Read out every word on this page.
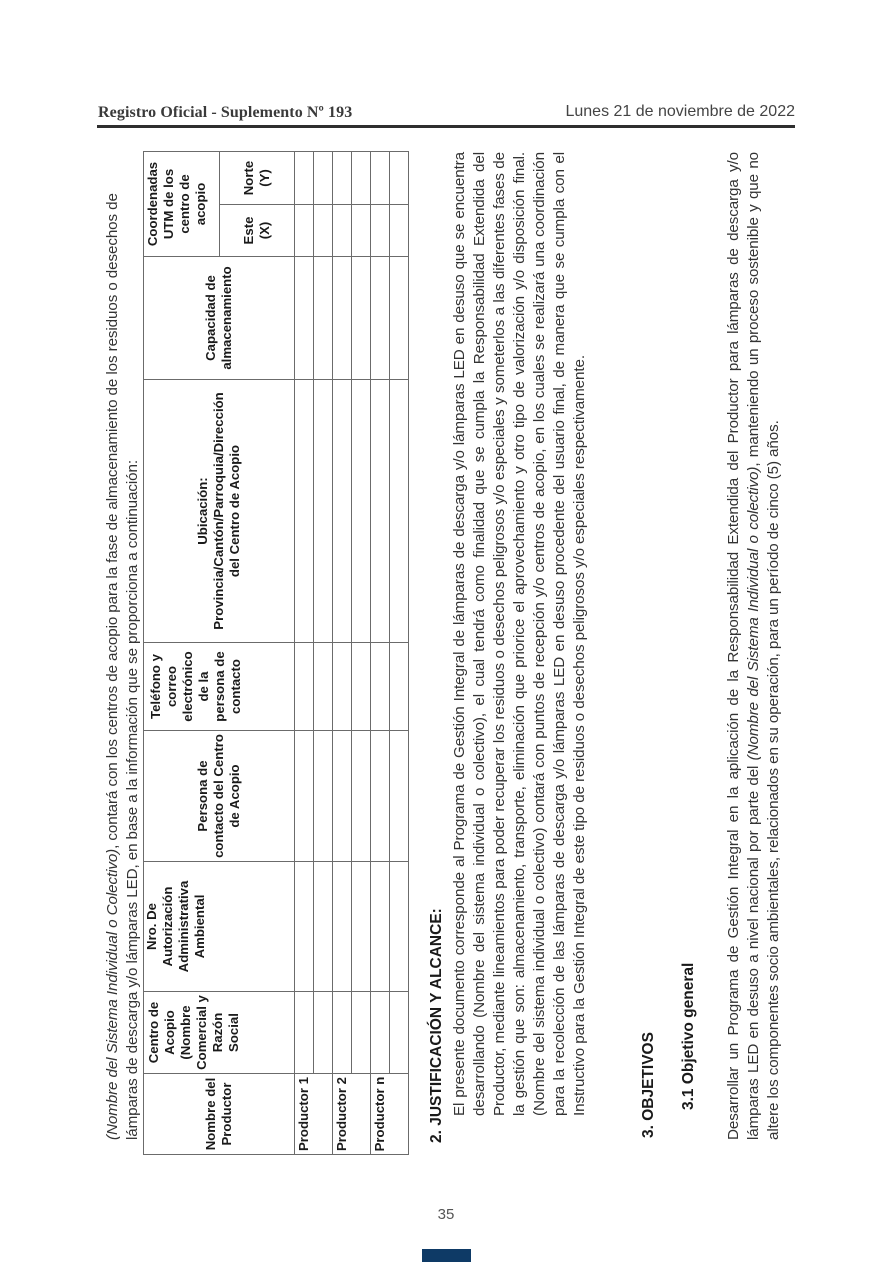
Registro Oficial - Suplemento Nº 193	Lunes 21 de noviembre de 2022

(Nombre del Sistema Individual o Colectivo), contará con los centros de acopio para la fase de almacenamiento de los residuos o desechos de lámparas de descarga y/o lámparas LED, en base a la información que se proporciona a continuación:	Nombre del Productor	Centro de Acopio (Nombre Comercial y Razón Social	Nro. De Autorización Administrativa Ambiental	Persona de contacto del Centro de Acopio	Teléfono y correo electrónico de la persona de contacto	Ubicación: Provincia/Cantón/Parroquia/Dirección del Centro de Acopio	Capacidad de almacenamiento	Coordenadas UTM de los centro de acopio	
							Este (X)	Norte (Y)
Productor 1								

Productor 2								

Productor n								
								2. JUSTIFICACIÓN Y ALCANCE: El presente documento corresponde al Programa de Gestión Integral de lámparas de descarga y/o lámparas LED en desuso que se encuentra desarrollando (Nombre del sistema individual o colectivo), el cual tendrá como finalidad que se cumpla la Responsabilidad Extendida del Productor, mediante lineamientos para poder recuperar los residuos o desechos peligrosos y/o especiales y someterlos a las diferentes fases de la gestión que son: almacenamiento, transporte, eliminación que priorice el aprovechamiento y otro tipo de valorización y/o disposición final. (Nombre del sistema individual o colectivo) contará con puntos de recepción y/o centros de acopio, en los cuales se realizará una coordinación para la recolección de las lámparas de descarga y/o lámparas LED en desuso procedente del usuario final, de manera que se cumpla con el Instructivo para la Gestión Integral de este tipo de residuos o desechos peligrosos y/o especiales respectivamente.	3. OBJETIVOS 3.1 Objetivo general Desarrollar un Programa de Gestión Integral en la aplicación de la Responsabilidad Extendida del Productor para lámparas de descarga y/o lámparas LED en desuso a nivel nacional por parte del (Nombre del Sistema Individual o colectivo), manteniendo un proceso sostenible y que no altere los componentes socio ambientales, relacionados en su operación, para un período de cinco (5) años.

35
